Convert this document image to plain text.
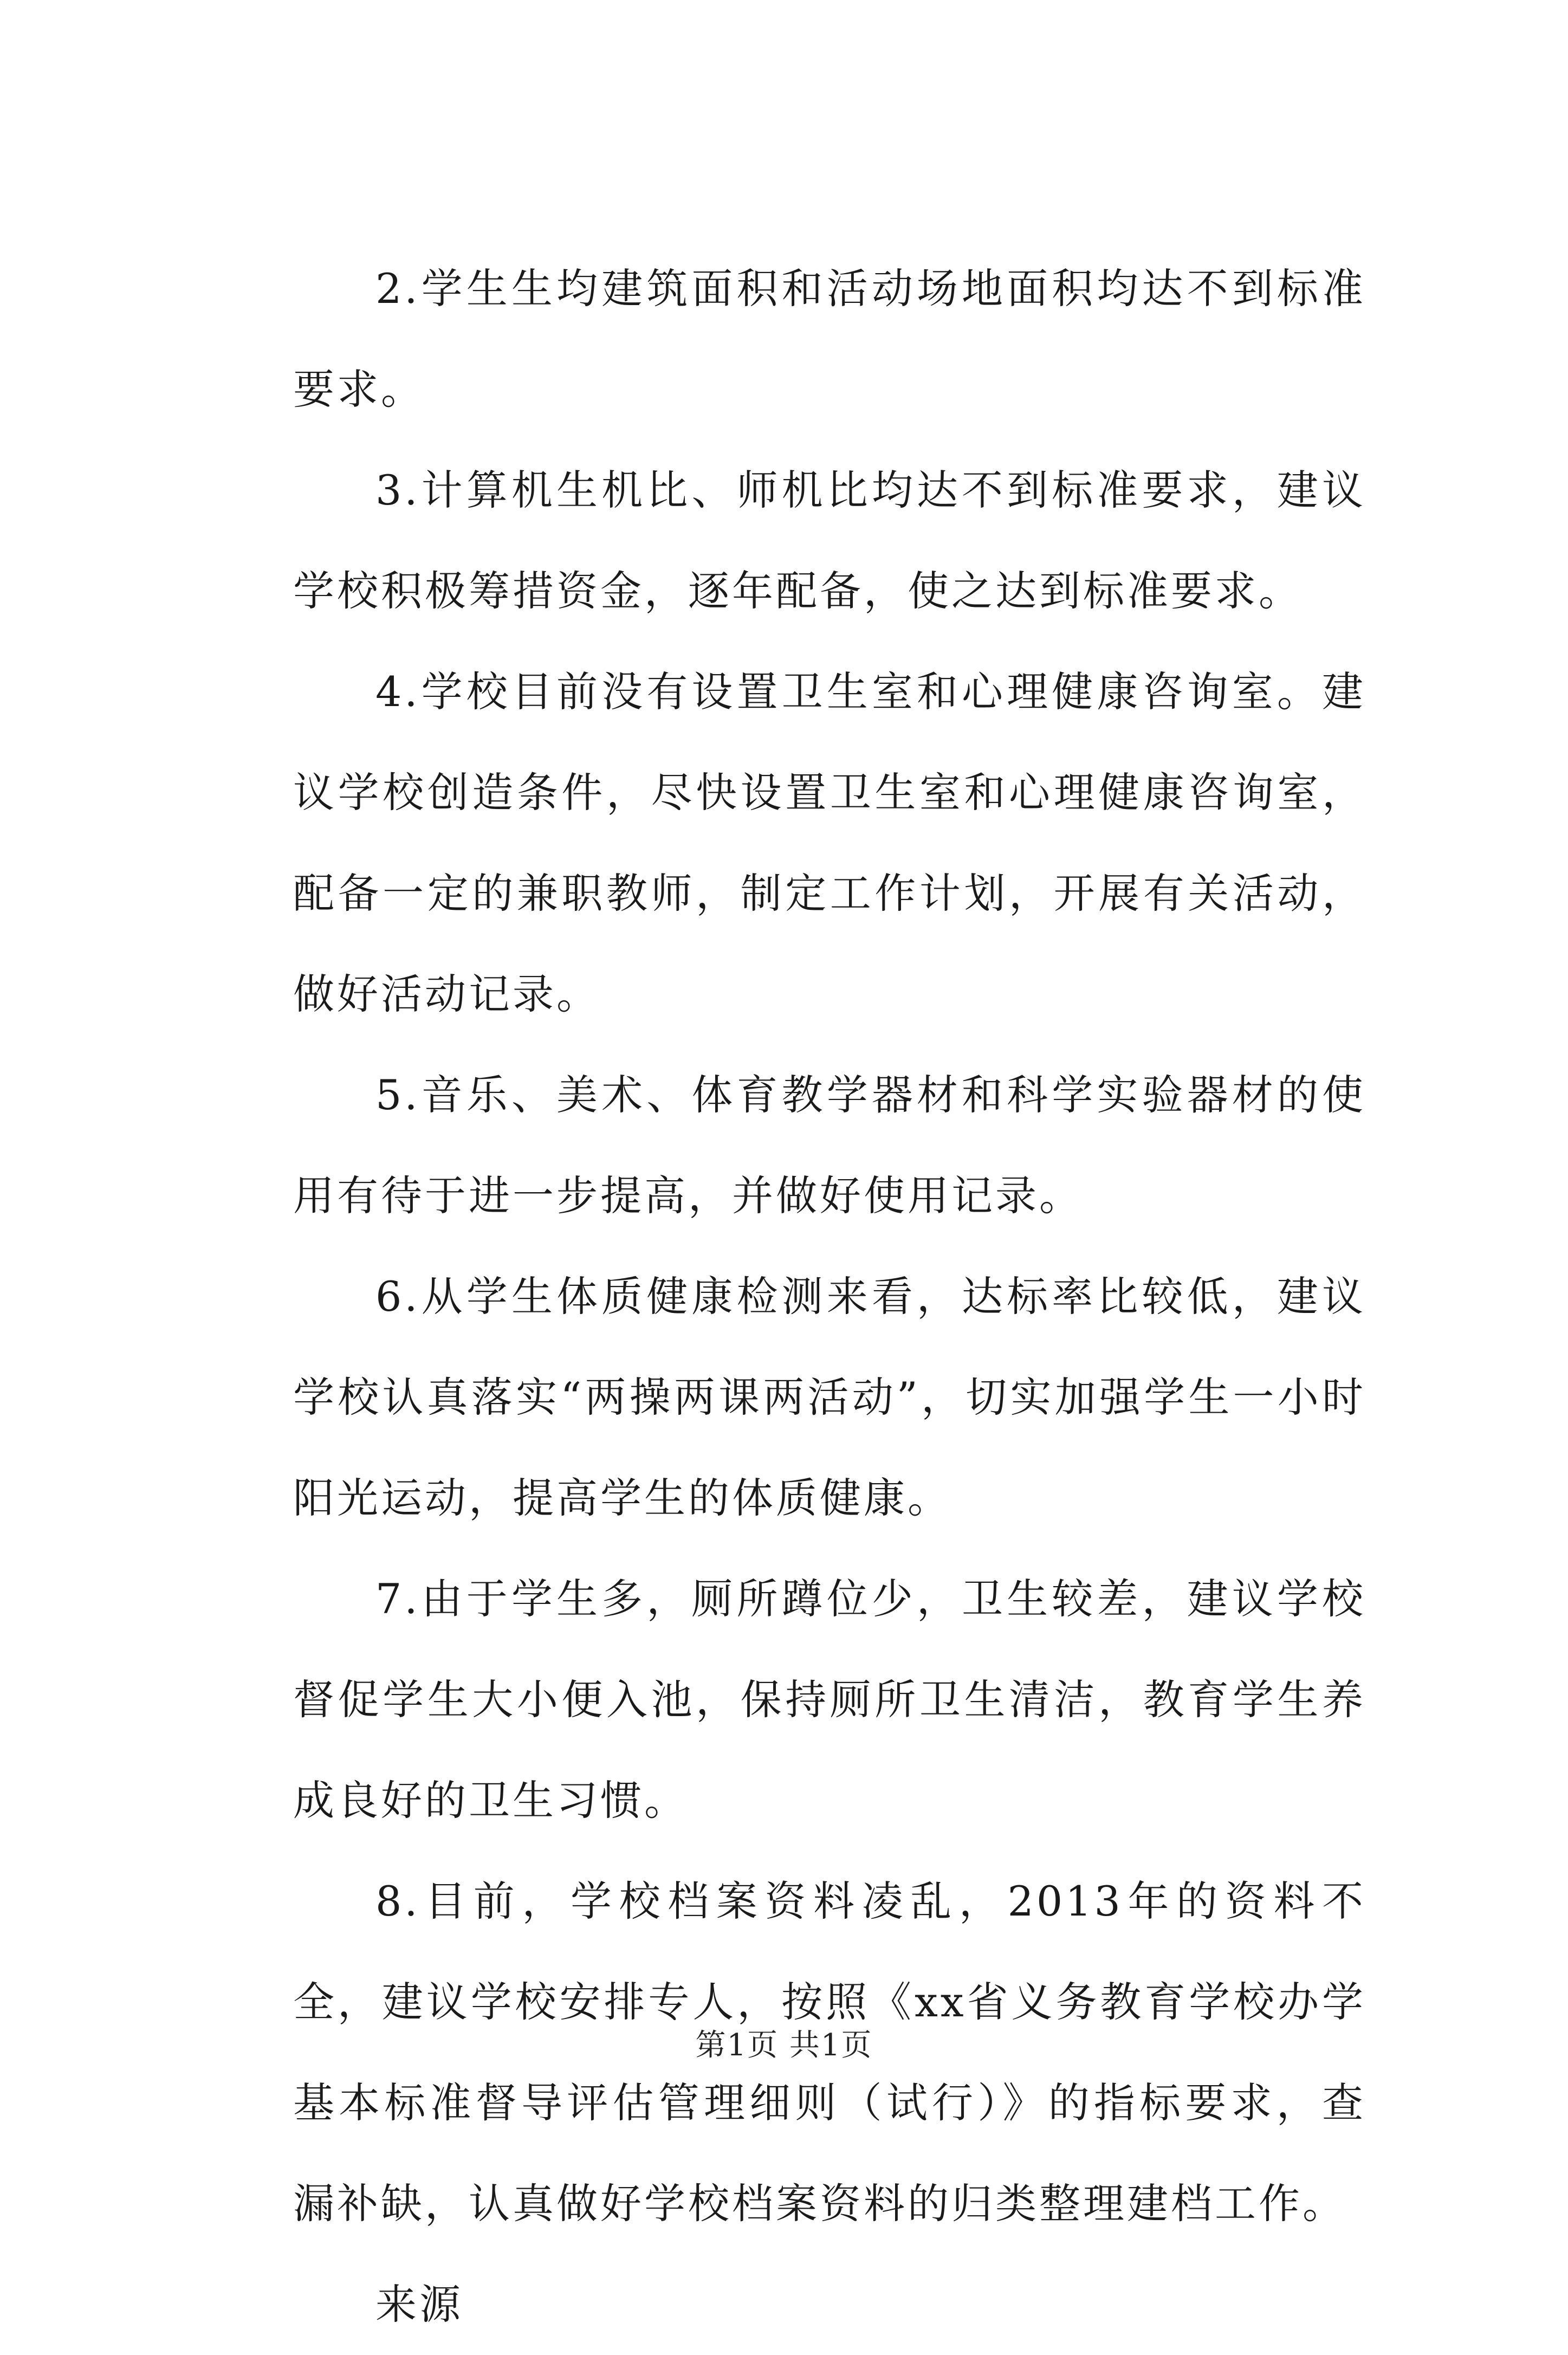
2.学生生均建筑面积和活动场地面积均达不到标准要求。

3.计算机生机比、师机比均达不到标准要求，建议学校积极筹措资金，逐年配备，使之达到标准要求。

4.学校目前没有设置卫生室和心理健康咨询室。建议学校创造条件，尽快设置卫生室和心理健康咨询室，配备一定的兼职教师，制定工作计划，开展有关活动，做好活动记录。

5.音乐、美术、体育教学器材和科学实验器材的使用有待于进一步提高，并做好使用记录。

6.从学生体质健康检测来看，达标率比较低，建议学校认真落实“两操两课两活动”，切实加强学生一小时阳光运动，提高学生的体质健康。

7.由于学生多，厕所蹲位少，卫生较差，建议学校督促学生大小便入池，保持厕所卫生清洁，教育学生养成良好的卫生习惯。

8.目前，学校档案资料凌乱，2013年的资料不全，建议学校安排专人，按照《xx省义务教育学校办学基本标准督导评估管理细则（试行）》的指标要求，查漏补缺，认真做好学校档案资料的归类整理建档工作。

来源

第1页 共1页
